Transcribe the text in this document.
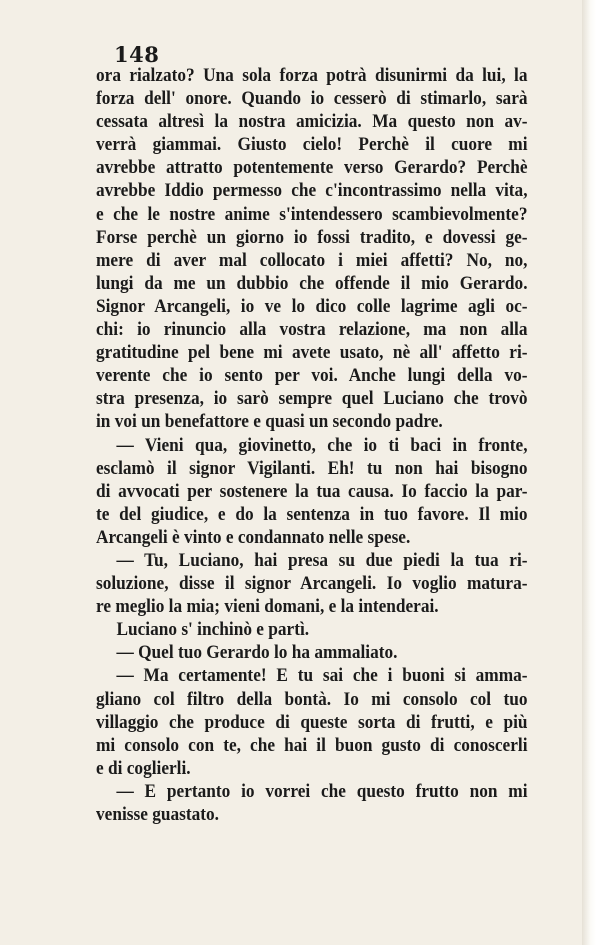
148
ora rialzato? Una sola forza potrà disunirmi da lui, la
forza dell' onore. Quando io cesserò di stimarlo, sarà
cessata altresì la nostra amicizia. Ma questo non av-
verrà giammai. Giusto cielo! Perchè il cuore mi
avrebbe attratto potentemente verso Gerardo? Perchè
avrebbe Iddio permesso che c'incontrassimo nella vita,
e che le nostre anime s'intendessero scambievolmente?
Forse perchè un giorno io fossi tradito, e dovessi ge-
mere di aver mal collocato i miei affetti? No, no,
lungi da me un dubbio che offende il mio Gerardo.
Signor Arcangeli, io ve lo dico colle lagrime agli oc-
chi: io rinuncio alla vostra relazione, ma non alla
gratitudine pel bene mi avete usato, nè all' affetto ri-
verente che io sento per voi. Anche lungi della vo-
stra presenza, io sarò sempre quel Luciano che trovò
in voi un benefattore e quasi un secondo padre.
— Vieni qua, giovinetto, che io ti baci in fronte,
esclamò il signor Vigilanti. Eh! tu non hai bisogno
di avvocati per sostenere la tua causa. Io faccio la par-
te del giudice, e do la sentenza in tuo favore. Il mio
Arcangeli è vinto e condannato nelle spese.
— Tu, Luciano, hai presa su due piedi la tua ri-
soluzione, disse il signor Arcangeli. Io voglio matura-
re meglio la mia; vieni domani, e la intenderai.
Luciano s' inchinò e partì.
— Quel tuo Gerardo lo ha ammaliato.
— Ma certamente! E tu sai che i buoni si amma-
gliano col filtro della bontà. Io mi consolo col tuo
villaggio che produce di queste sorta di frutti, e più
mi consolo con te, che hai il buon gusto di conoscerli
e di coglierli.
— E pertanto io vorrei che questo frutto non mi
venisse guastato.
